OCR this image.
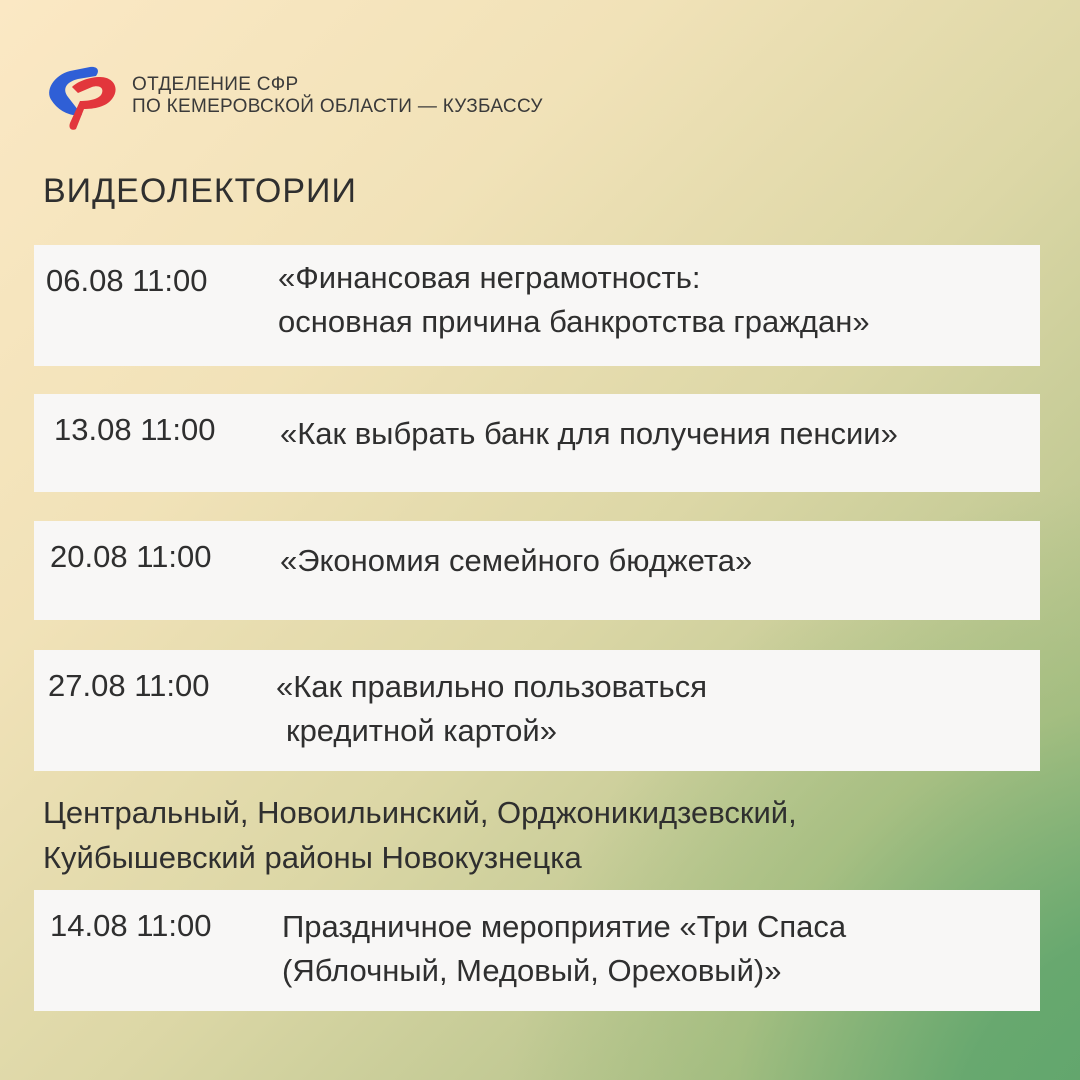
ОТДЕЛЕНИЕ СФР
ПО КЕМЕРОВСКОЙ ОБЛАСТИ — КУЗБАССУ
ВИДЕОЛЕКТОРИИ
06.08 11:00 «Финансовая неграмотность:
основная причина банкротства граждан»
13.08 11:00 «Как выбрать банк для получения пенсии»
20.08 11:00 «Экономия семейного бюджета»
27.08 11:00 «Как правильно пользоваться
кредитной картой»
Центральный, Новоильинский, Орджоникидзевский,
Куйбышевский районы Новокузнецка
14.08 11:00 Праздничное мероприятие «Три Спаса
(Яблочный, Медовый, Ореховый)»
